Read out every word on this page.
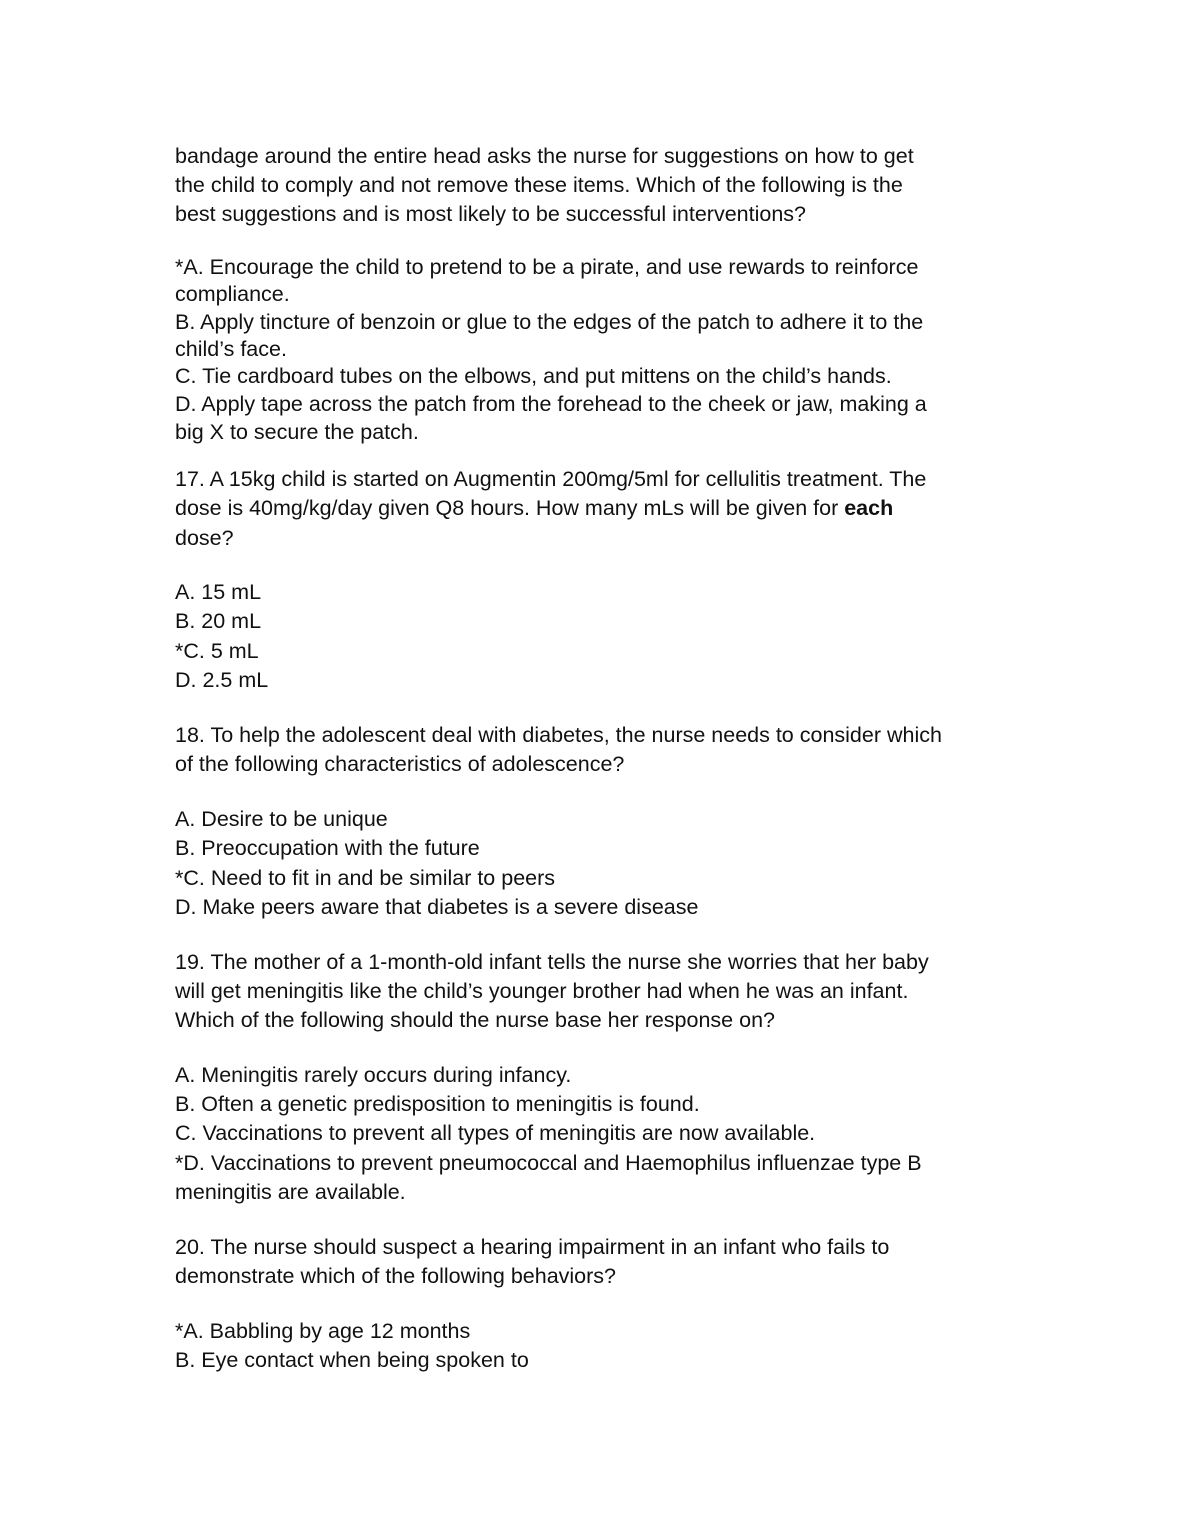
bandage around the entire head asks the nurse for suggestions on how to get

the child to comply and not remove these items. Which of the following is the

best suggestions and is most likely to be successful interventions?

*A. Encourage the child to pretend to be a pirate, and use rewards to reinforce

compliance.

B. Apply tincture of benzoin or glue to the edges of the patch to adhere it to the

child’s face.

C. Tie cardboard tubes on the elbows, and put mittens on the child’s hands.

D. Apply tape across the patch from the forehead to the cheek or jaw, making a

big X to secure the patch.

17. A 15kg child is started on Augmentin 200mg/5ml for cellulitis treatment. The

dose is 40mg/kg/day given Q8 hours. How many mLs will be given for each

dose?

A. 15 mL

B. 20 mL

*C. 5 mL

D. 2.5 mL

18. To help the adolescent deal with diabetes, the nurse needs to consider which

of the following characteristics of adolescence?

A. Desire to be unique

B. Preoccupation with the future

*C. Need to fit in and be similar to peers

D. Make peers aware that diabetes is a severe disease

19. The mother of a 1-month-old infant tells the nurse she worries that her baby

will get meningitis like the child’s younger brother had when he was an infant.

Which of the following should the nurse base her response on?

A. Meningitis rarely occurs during infancy.

B. Often a genetic predisposition to meningitis is found.

C. Vaccinations to prevent all types of meningitis are now available.

*D. Vaccinations to prevent pneumococcal and Haemophilus influenzae type B

meningitis are available.

20. The nurse should suspect a hearing impairment in an infant who fails to

demonstrate which of the following behaviors?

*A. Babbling by age 12 months

B. Eye contact when being spoken to
